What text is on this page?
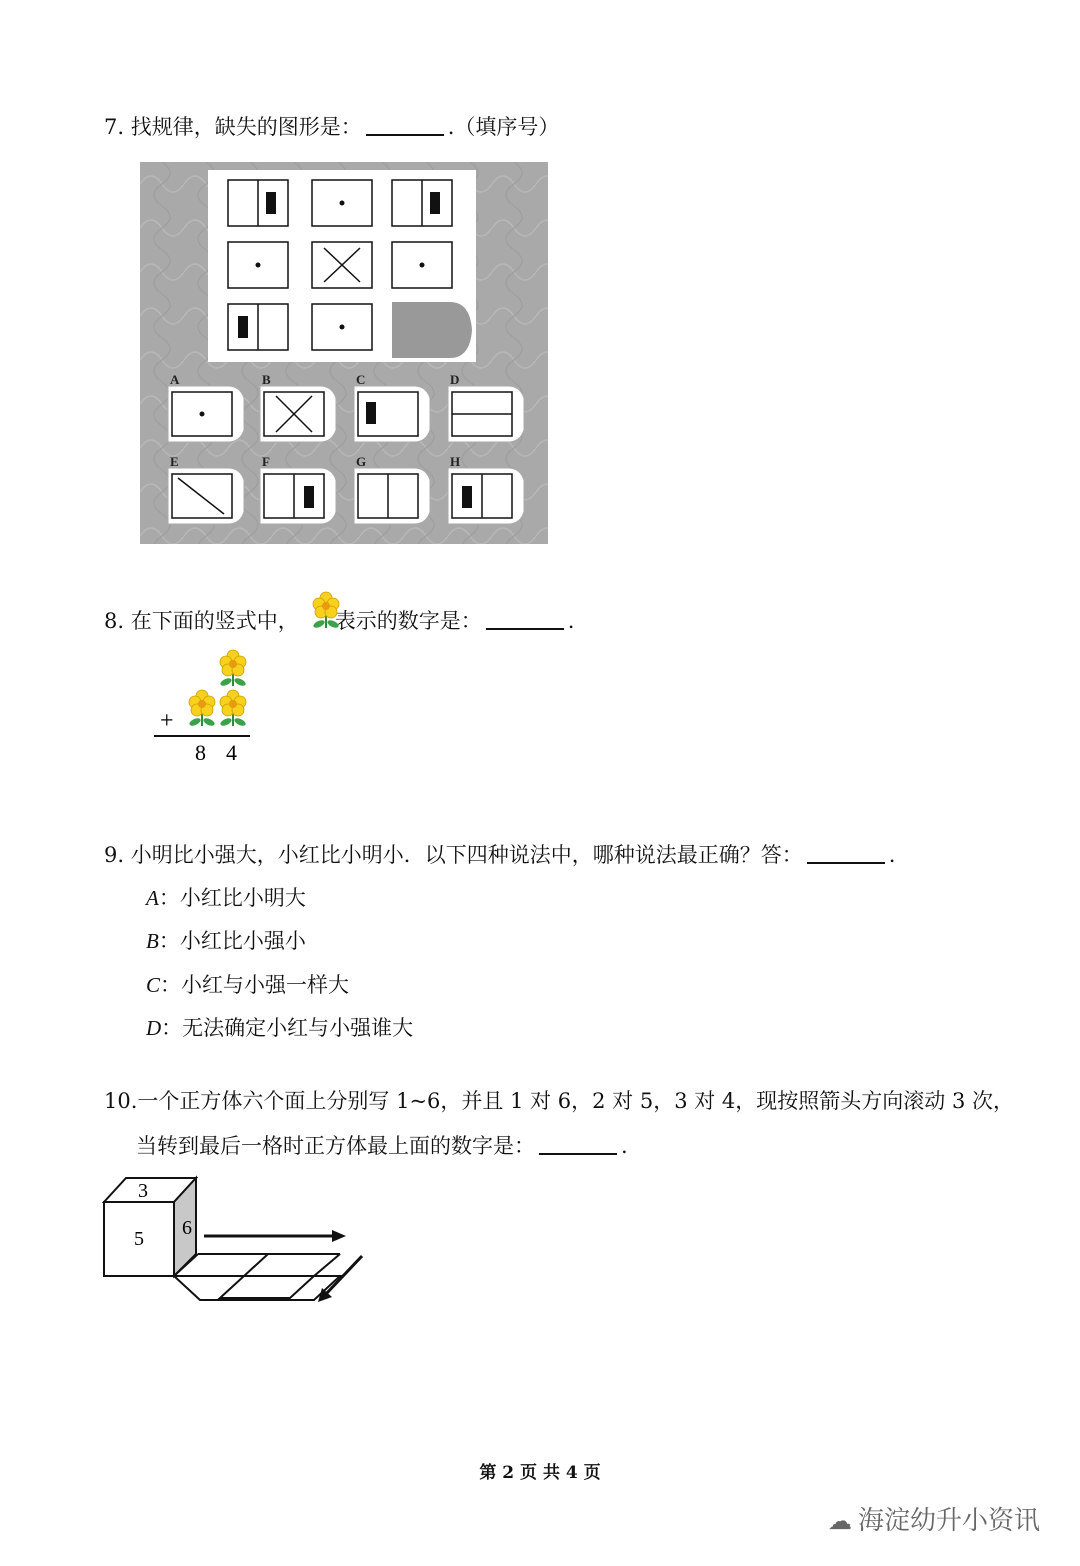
7. 找规律，缺失的图形是：	.（填序号）
A	B	C	D
E	F	G	H
8. 在下面的竖式中， 表示的数字是：	.
+
8 4
9. 小明比小强大，小红比小明小．以下四种说法中，哪种说法最正确？答：	.
A：小红比小明大
B：小红比小强小
C：小红与小强一样大
D：无法确定小红与小强谁大
10.一个正方体六个面上分别写 1~6，并且 1 对 6，2 对 5，3 对 4，现按照箭头方向滚动 3 次，
当转到最后一格时正方体最上面的数字是：	.
3
5 6
第 2 页 共 4 页
☁ 海淀幼升小资讯
